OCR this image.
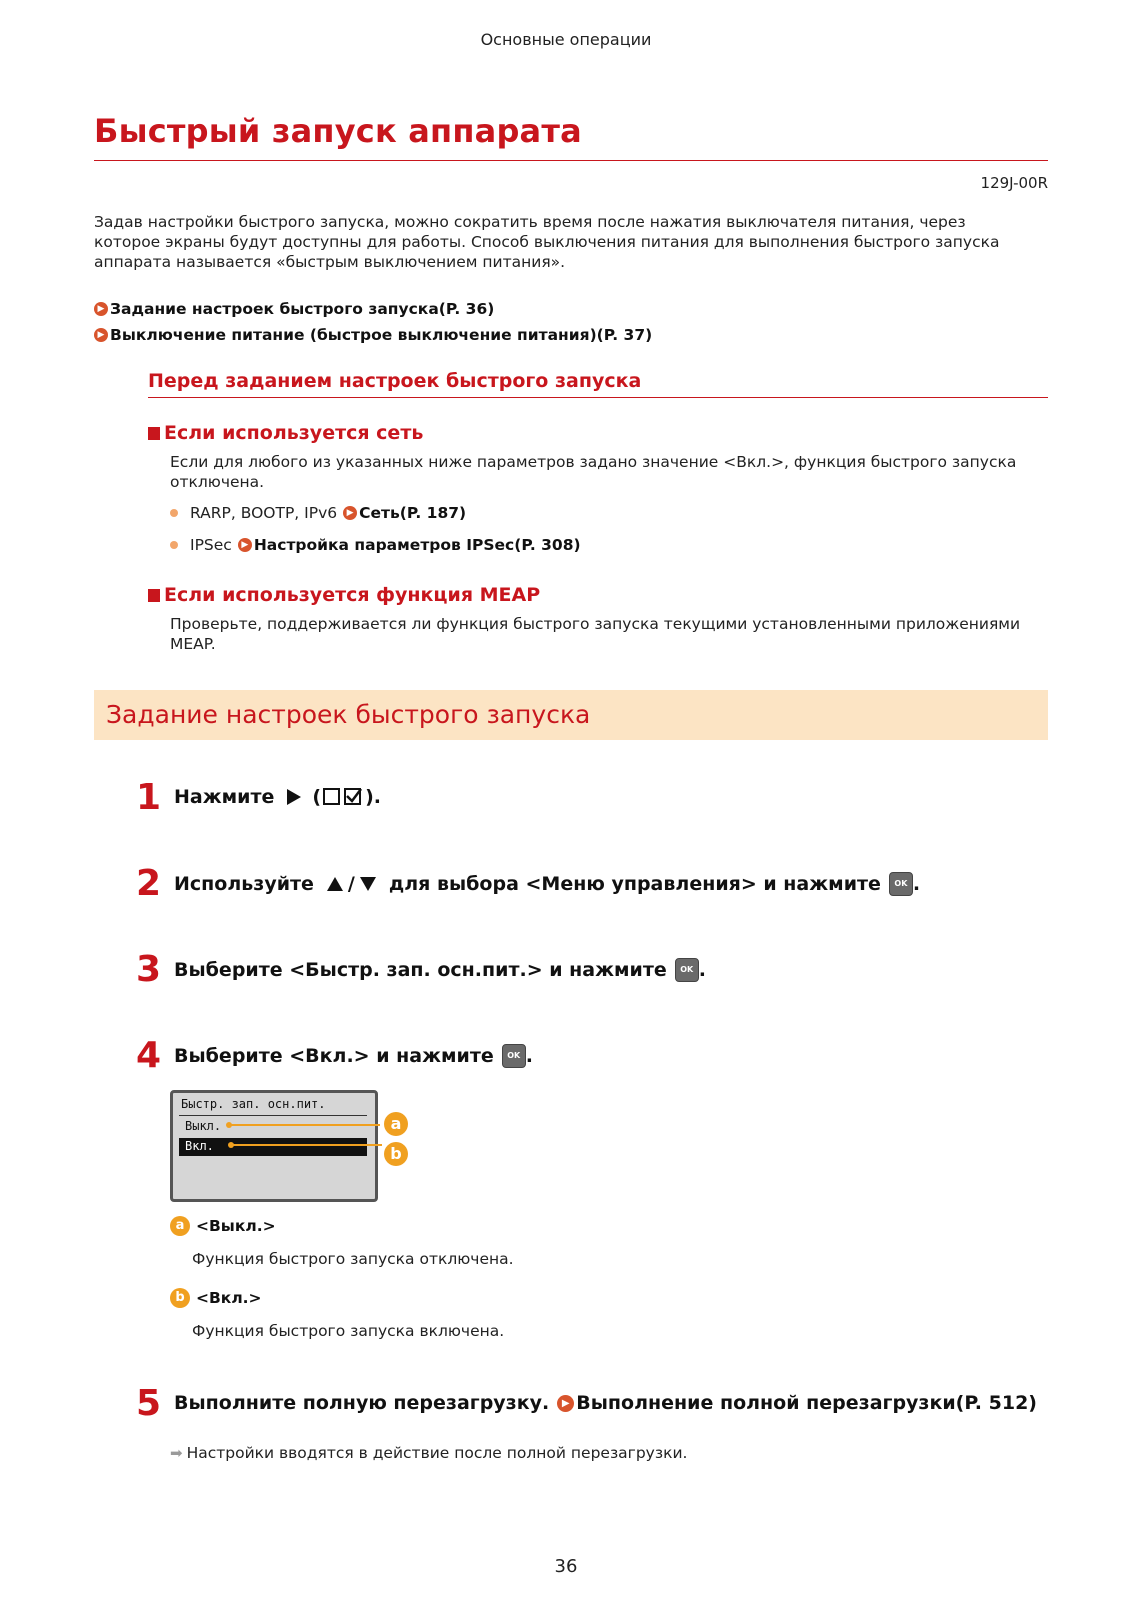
Основные операции
Быстрый запуск аппарата
129J-00R
Задав настройки быстрого запуска, можно сократить время после нажатия выключателя питания, через которое экраны будут доступны для работы. Способ выключения питания для выполнения быстрого запуска аппарата называется «быстрым выключением питания».
▶ Задание настроек быстрого запуска(P. 36)
▶ Выключение питание (быстрое выключение питания)(P. 37)
Перед заданием настроек быстрого запуска
Если используется сеть
Если для любого из указанных ниже параметров задано значение <Вкл.>, функция быстрого запуска отключена.
RARP, BOOTP, IPv6	▶ Сеть(P. 187)
IPSec	▶ Настройка параметров IPSec(P. 308)
Если используется функция MEAP
Проверьте, поддерживается ли функция быстрого запуска текущими установленными приложениями MEAP.
Задание настроек быстрого запуска
1 Нажмите ( ).
2 Используйте / для выбора <Меню управления> и нажмите	OK .
3 Выберите <Быстр. зап. осн.пит.> и нажмите	OK .
4 Выберите <Вкл.> и нажмите	OK .
Быстр. зап. осн.пит.
Выкл.
Вкл.
a
b
a <Выкл.>
Функция быстрого запуска отключена.
b <Вкл.>
Функция быстрого запуска включена.
5 Выполните полную перезагрузку.	▶ Выполнение полной перезагрузки(P. 512)
➡ Настройки вводятся в действие после полной перезагрузки.
36
